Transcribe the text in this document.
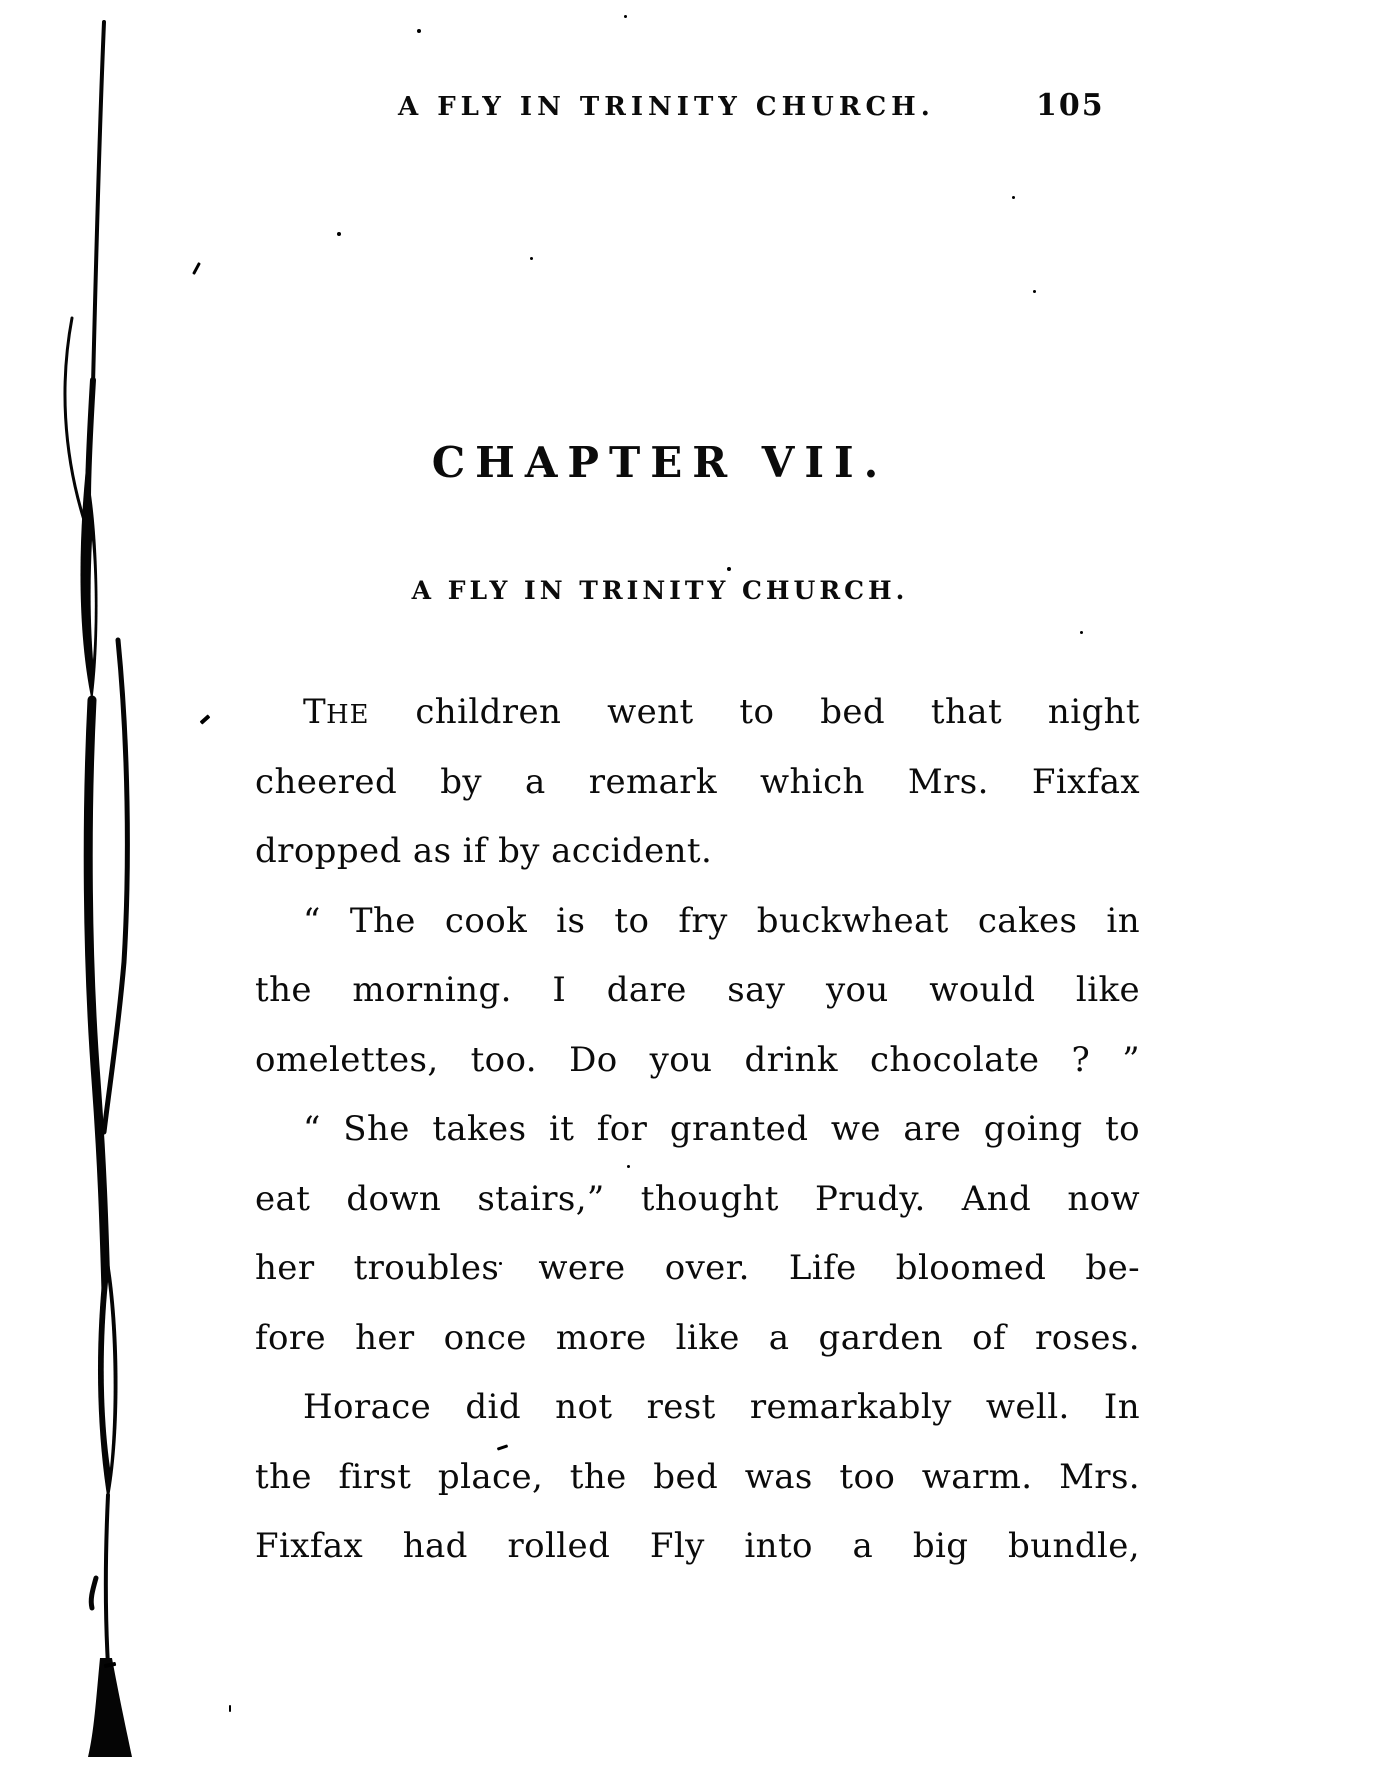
A FLY IN TRINITY CHURCH.	105
CHAPTER VII.
A FLY IN TRINITY CHURCH.
THE children went to bed that night
cheered by a remark which Mrs. Fixfax
dropped as if by accident.
“ The cook is to fry buckwheat cakes in
the morning. I dare say you would like
omelettes, too. Do you drink chocolate ? ”
“ She takes it for granted we are going to
eat down stairs,” thought Prudy. And now
her troubles were over. Life bloomed be-
fore her once more like a garden of roses.
Horace did not rest remarkably well. In
the first place, the bed was too warm. Mrs.
Fixfax had rolled Fly into a big bundle,
